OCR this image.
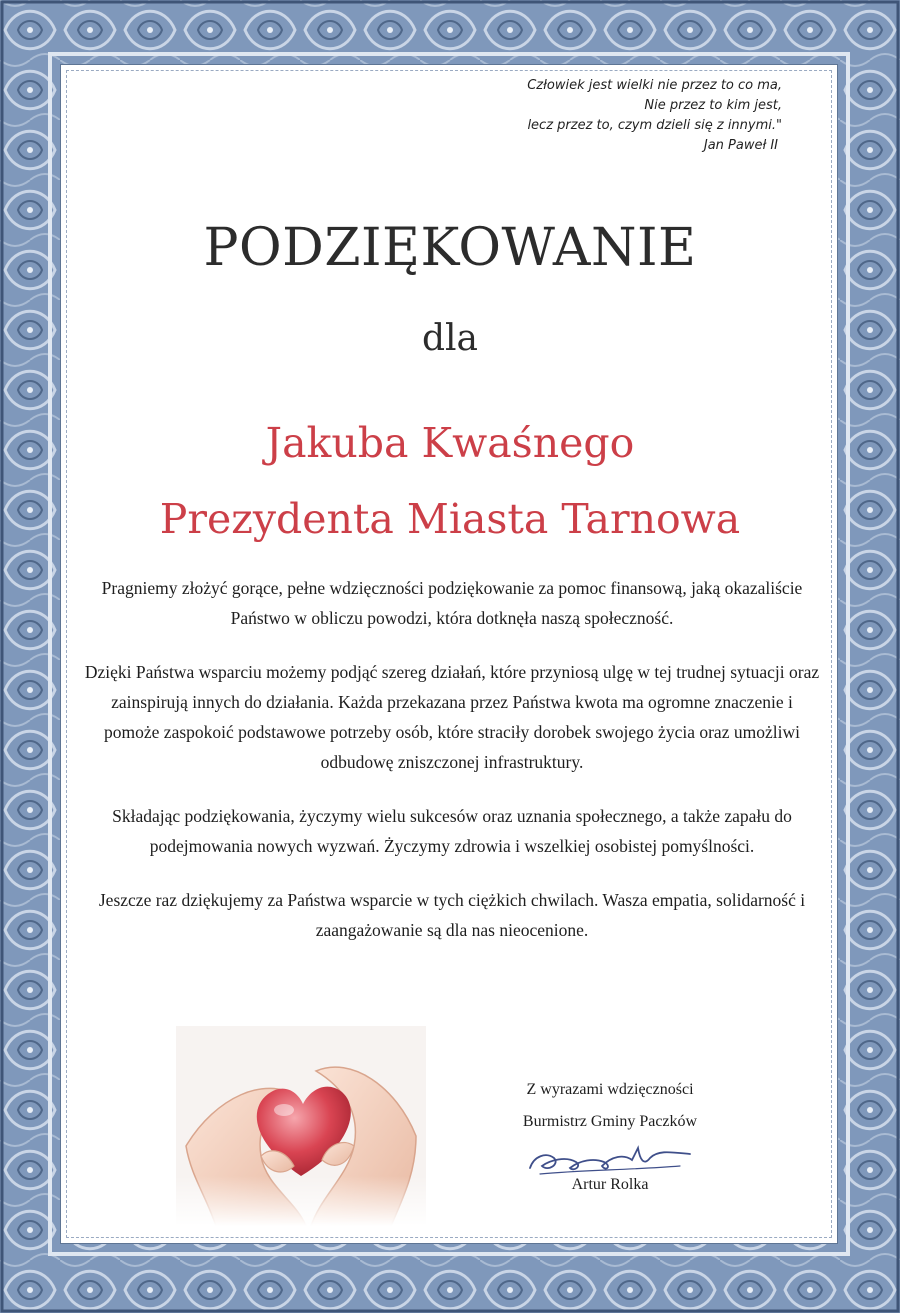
Człowiek jest wielki nie przez to co ma,
Nie przez to kim jest,
lecz przez to, czym dzieli się z innymi."
Jan Paweł II
PODZIĘKOWANIE
dla
Jakuba Kwaśnego
Prezydenta Miasta Tarnowa

Pragniemy złożyć gorące, pełne wdzięczności podziękowanie za pomoc finansową, jaką okazaliście Państwo w obliczu powodzi, która dotknęła naszą społeczność.

Dzięki Państwa wsparciu możemy podjąć szereg działań, które przyniosą ulgę w tej trudnej sytuacji oraz zainspirują innych do działania. Każda przekazana przez Państwa kwota ma ogromne znaczenie i pomoże zaspokoić podstawowe potrzeby osób, które straciły dorobek swojego życia oraz umożliwi odbudowę zniszczonej infrastruktury.

Składając podziękowania, życzymy wielu sukcesów oraz uznania społecznego, a także zapału do podejmowania nowych wyzwań. Życzymy zdrowia i wszelkiej osobistej pomyślności.

Jeszcze raz dziękujemy za Państwa wsparcie w tych ciężkich chwilach. Wasza empatia, solidarność i zaangażowanie są dla nas nieocenione.

Z wyrazami wdzięczności
Burmistrz Gminy Paczków
Artur Rolka
